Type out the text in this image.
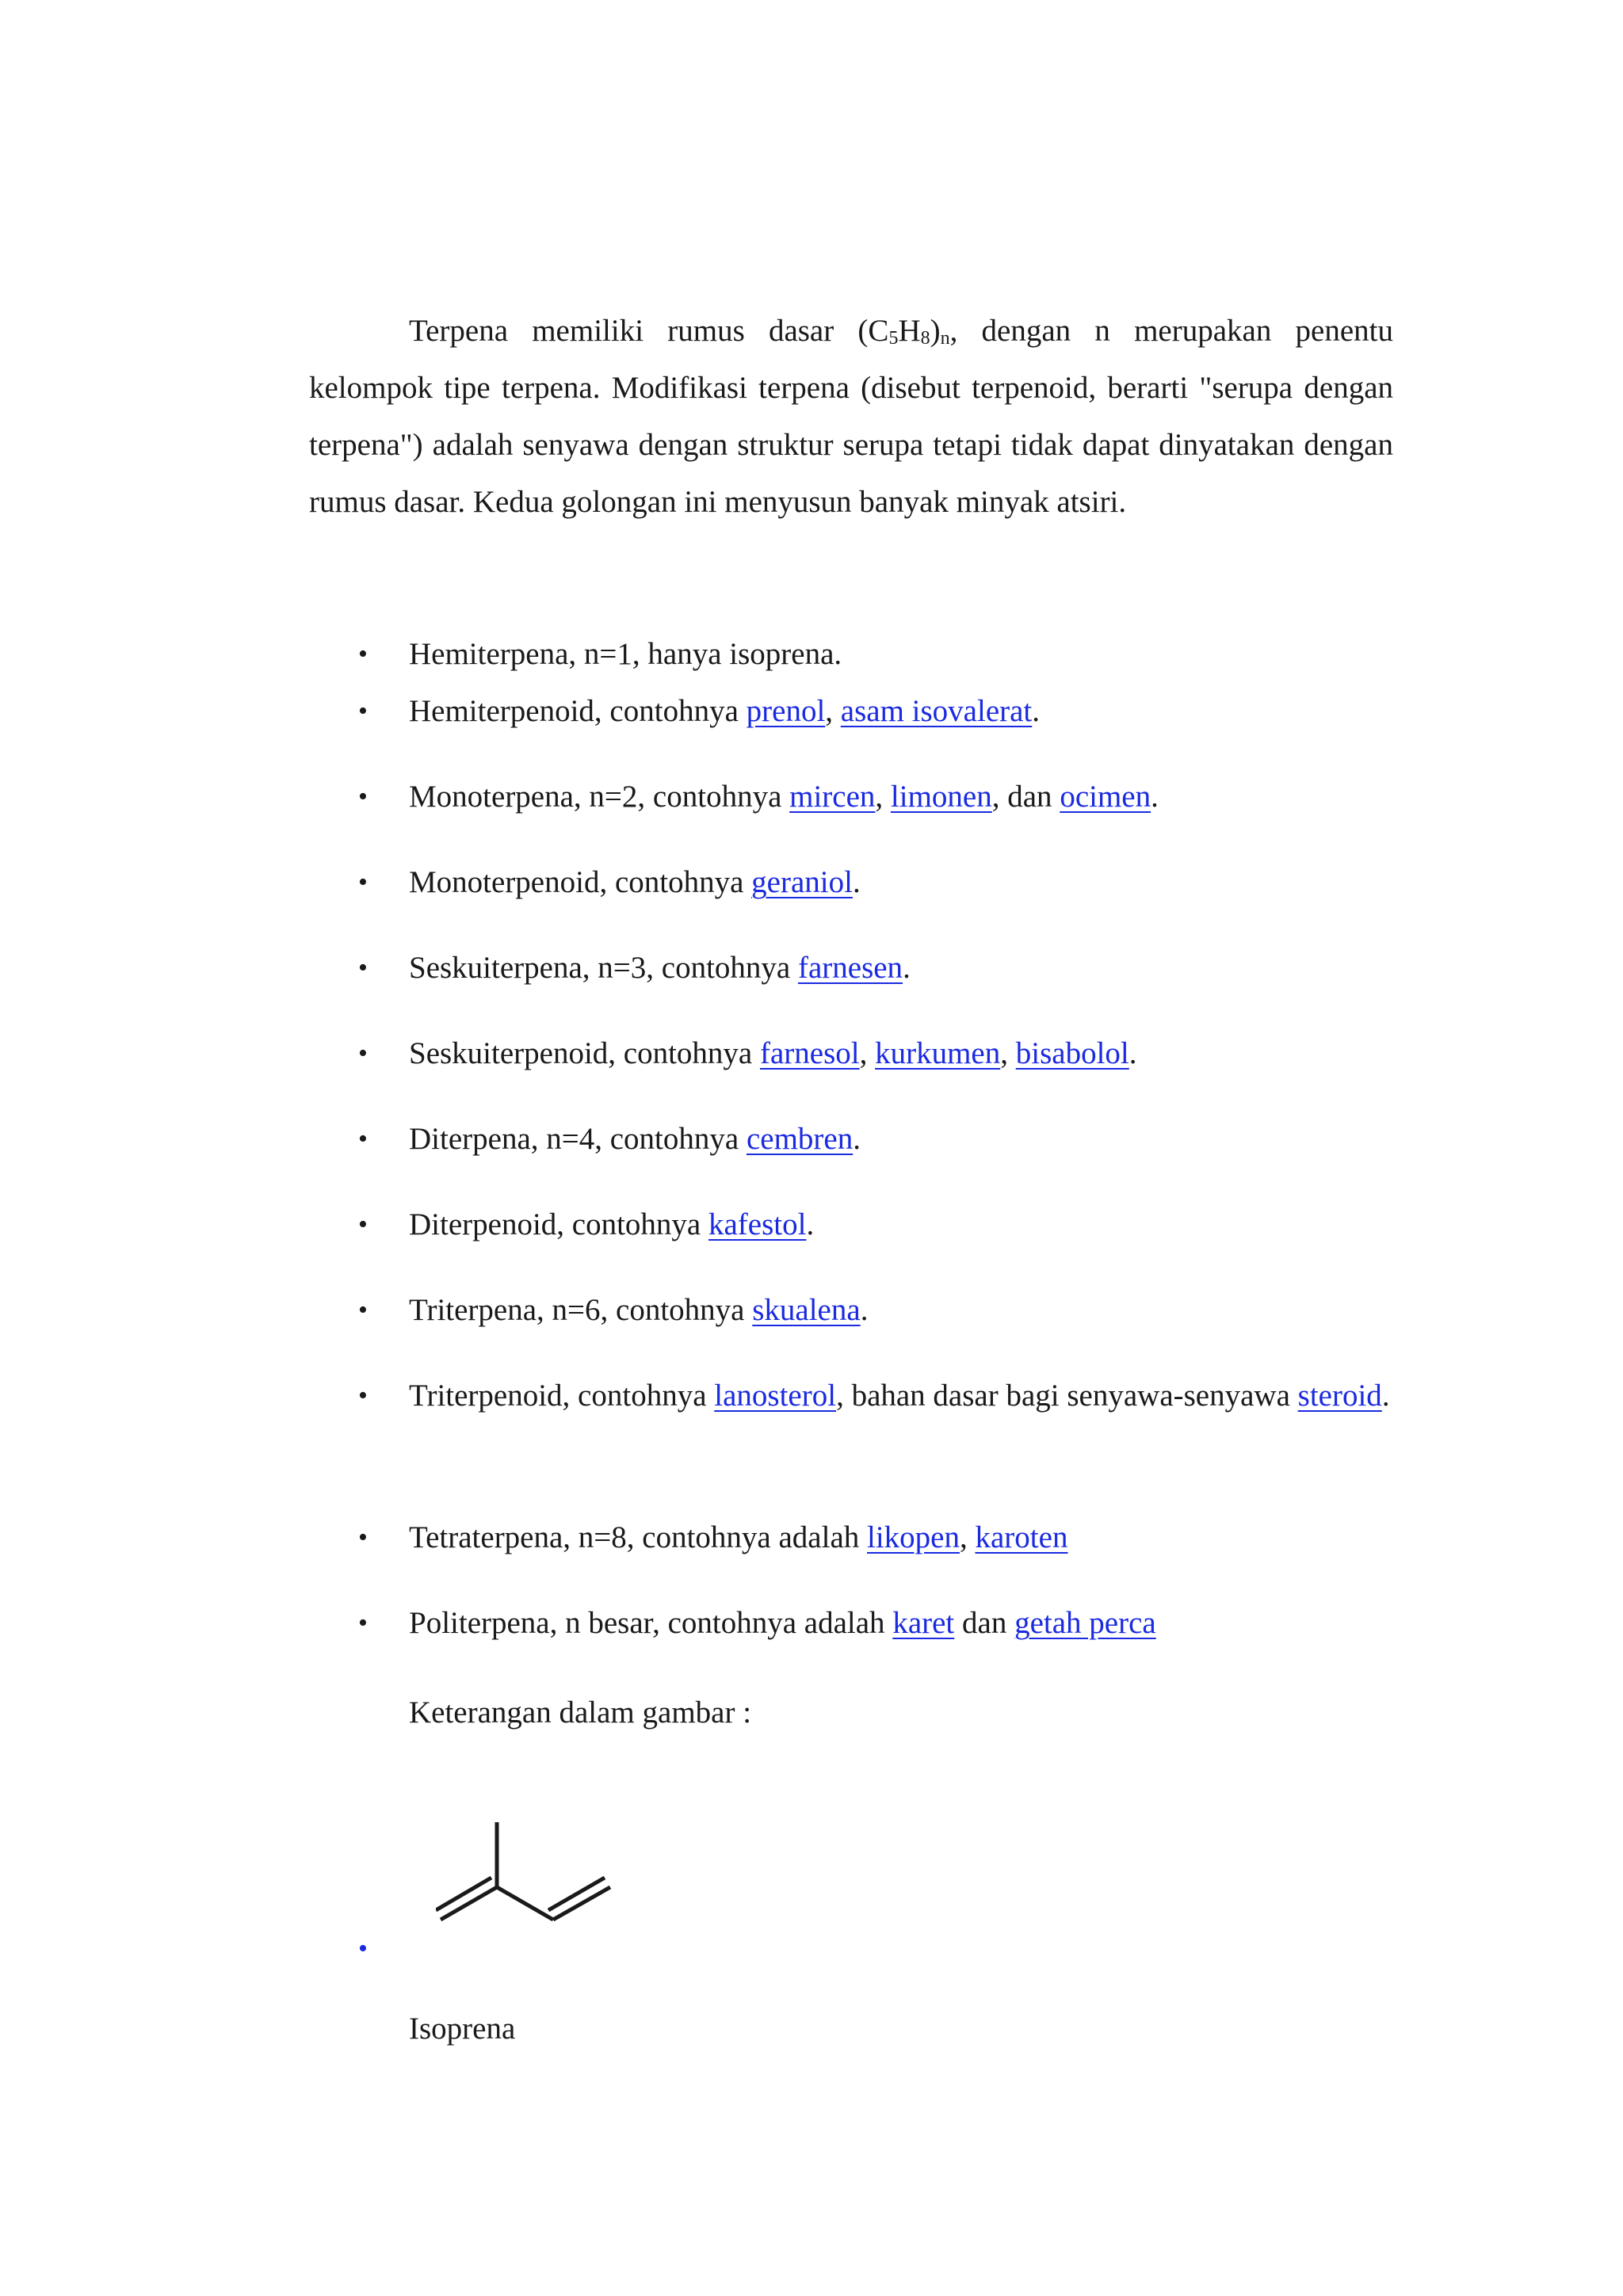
Terpena memiliki rumus dasar $(C_5H_8)_n$, dengan n merupakan penentu kelompok tipe terpena. Modifikasi terpena (disebut terpenoid, berarti "serupa dengan terpena") adalah senyawa dengan struktur serupa tetapi tidak dapat dinyatakan dengan rumus dasar. Kedua golongan ini menyusun banyak minyak atsiri.

• Hemiterpena, n=1, hanya isoprena.
• Hemiterpenoid, contohnya prenol, asam isovalerat.
• Monoterpena, n=2, contohnya mircen, limonen, dan ocimen.
• Monoterpenoid, contohnya geraniol.
• Seskuiterpena, n=3, contohnya farnesen.
• Seskuiterpenoid, contohnya farnesol, kurkumen, bisabolol.
• Diterpena, n=4, contohnya cembren.
• Diterpenoid, contohnya kafestol.
• Triterpena, n=6, contohnya skualena.
• Triterpenoid, contohnya lanosterol, bahan dasar bagi senyawa-senyawa steroid.
• Tetraterpena, n=8, contohnya adalah likopen, karoten
• Politerpena, n besar, contohnya adalah karet dan getah perca
Keterangan dalam gambar :
•
Isoprena
